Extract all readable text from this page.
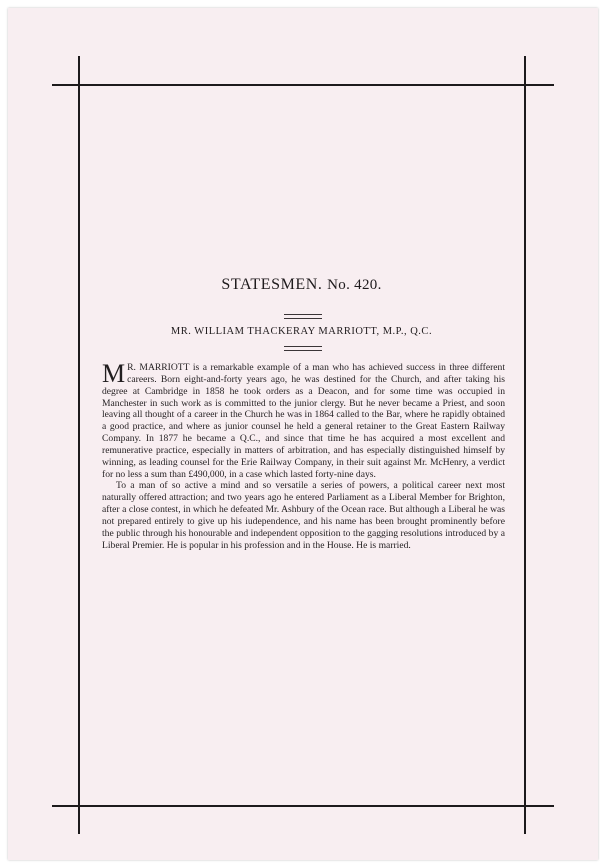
STATESMEN. No. 420.
MR. WILLIAM THACKERAY MARRIOTT, M.P., Q.C.

M R. MARRIOTT is a remarkable example of a man who has achieved success in three different careers. Born eight-and-forty years ago, he was destined for the Church, and after taking his degree at Cambridge in 1858 he took orders as a Deacon, and for some time was occupied in Manchester in such work as is committed to the junior clergy. But he never became a Priest, and soon leaving all thought of a career in the Church he was in 1864 called to the Bar, where he rapidly obtained a good practice, and where as junior counsel he held a general retainer to the Great Eastern Railway Company. In 1877 he became a Q.C., and since that time he has acquired a most excellent and remunerative practice, especially in matters of arbitration, and has especially distinguished himself by winning, as leading counsel for the Erie Railway Company, in their suit against Mr. McHenry, a verdict for no less a sum than £490,000, in a case which lasted forty-nine days.

To a man of so active a mind and so versatile a series of powers, a political career next most naturally offered attraction; and two years ago he entered Parliament as a Liberal Member for Brighton, after a close contest, in which he defeated Mr. Ashbury of the Ocean race. But although a Liberal he was not prepared entirely to give up his iudependence, and his name has been brought prominently before the public through his honourable and independent opposition to the gagging resolutions introduced by a Liberal Premier. He is popular in his profession and in the House. He is married.
